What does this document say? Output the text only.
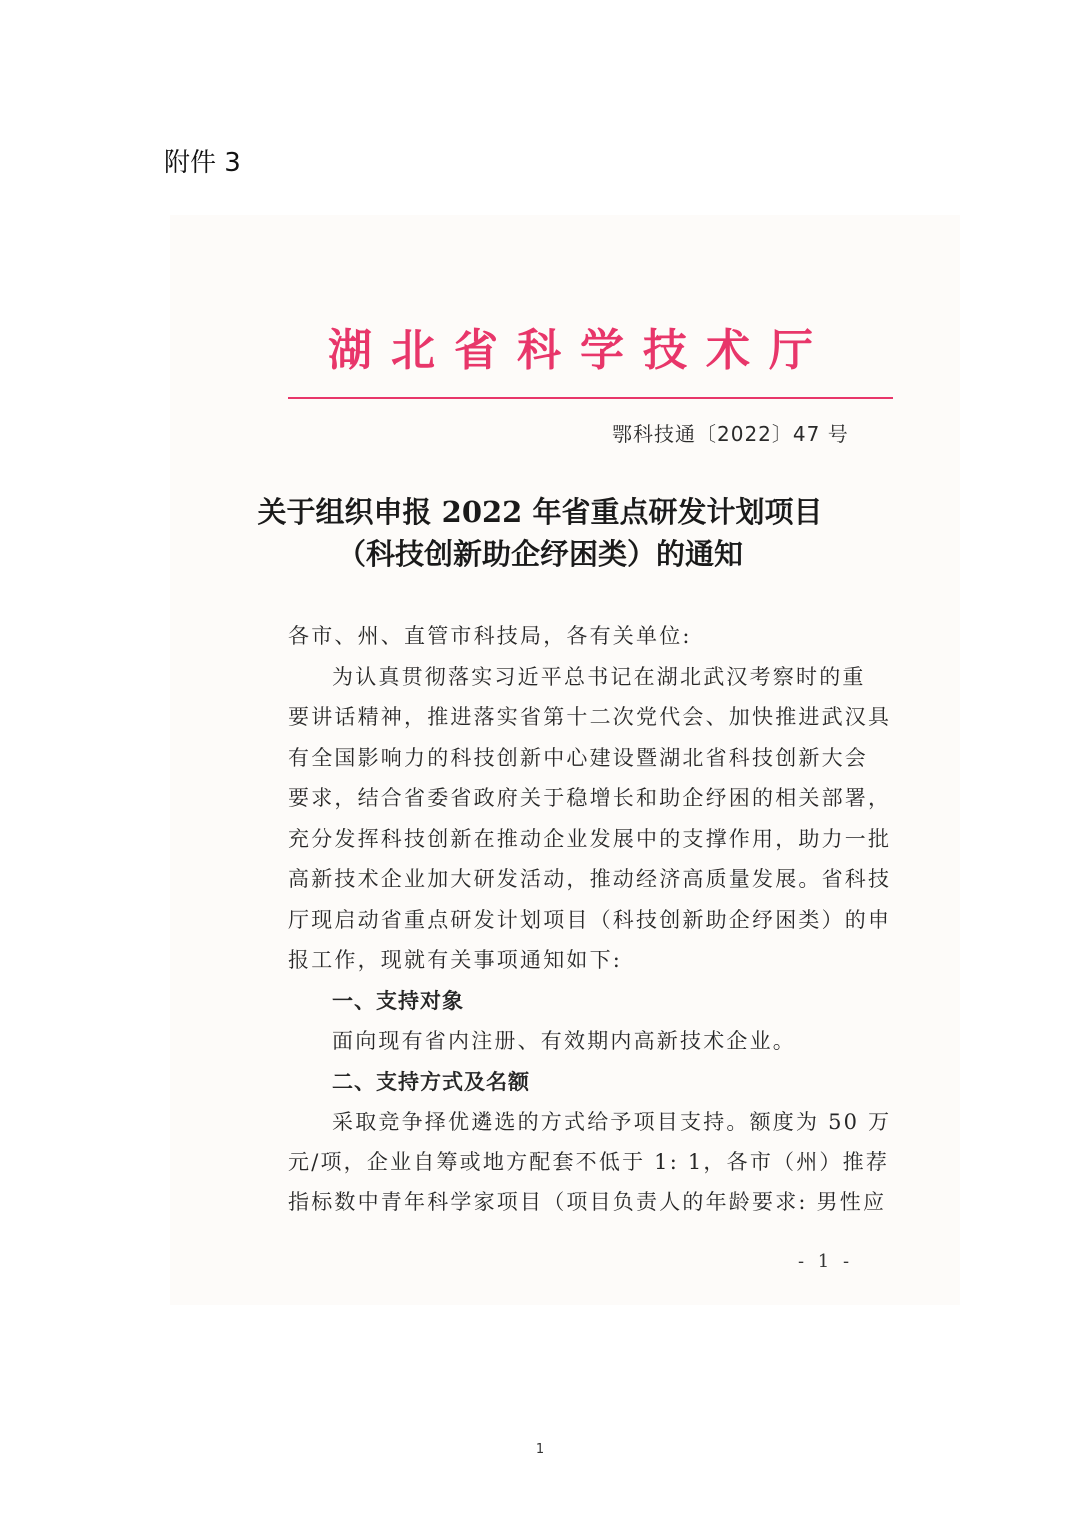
附件 3
湖北省科学技术厅
鄂科技通〔2022〕47 号
关于组织申报 2022 年省重点研发计划项目
（科技创新助企纾困类）的通知
各市、州、直管市科技局，各有关单位:
为认真贯彻落实习近平总书记在湖北武汉考察时的重
要讲话精神，推进落实省第十二次党代会、加快推进武汉具
有全国影响力的科技创新中心建设暨湖北省科技创新大会
要求，结合省委省政府关于稳增长和助企纾困的相关部署，
充分发挥科技创新在推动企业发展中的支撑作用，助力一批
高新技术企业加大研发活动，推动经济高质量发展。省科技
厅现启动省重点研发计划项目（科技创新助企纾困类）的申
报工作，现就有关事项通知如下:
一、支持对象
面向现有省内注册、有效期内高新技术企业。
二、支持方式及名额
采取竞争择优遴选的方式给予项目支持。额度为 50 万
元/项，企业自筹或地方配套不低于 1: 1，各市（州）推荐
指标数中青年科学家项目（项目负责人的年龄要求: 男性应
- 1 -
1
